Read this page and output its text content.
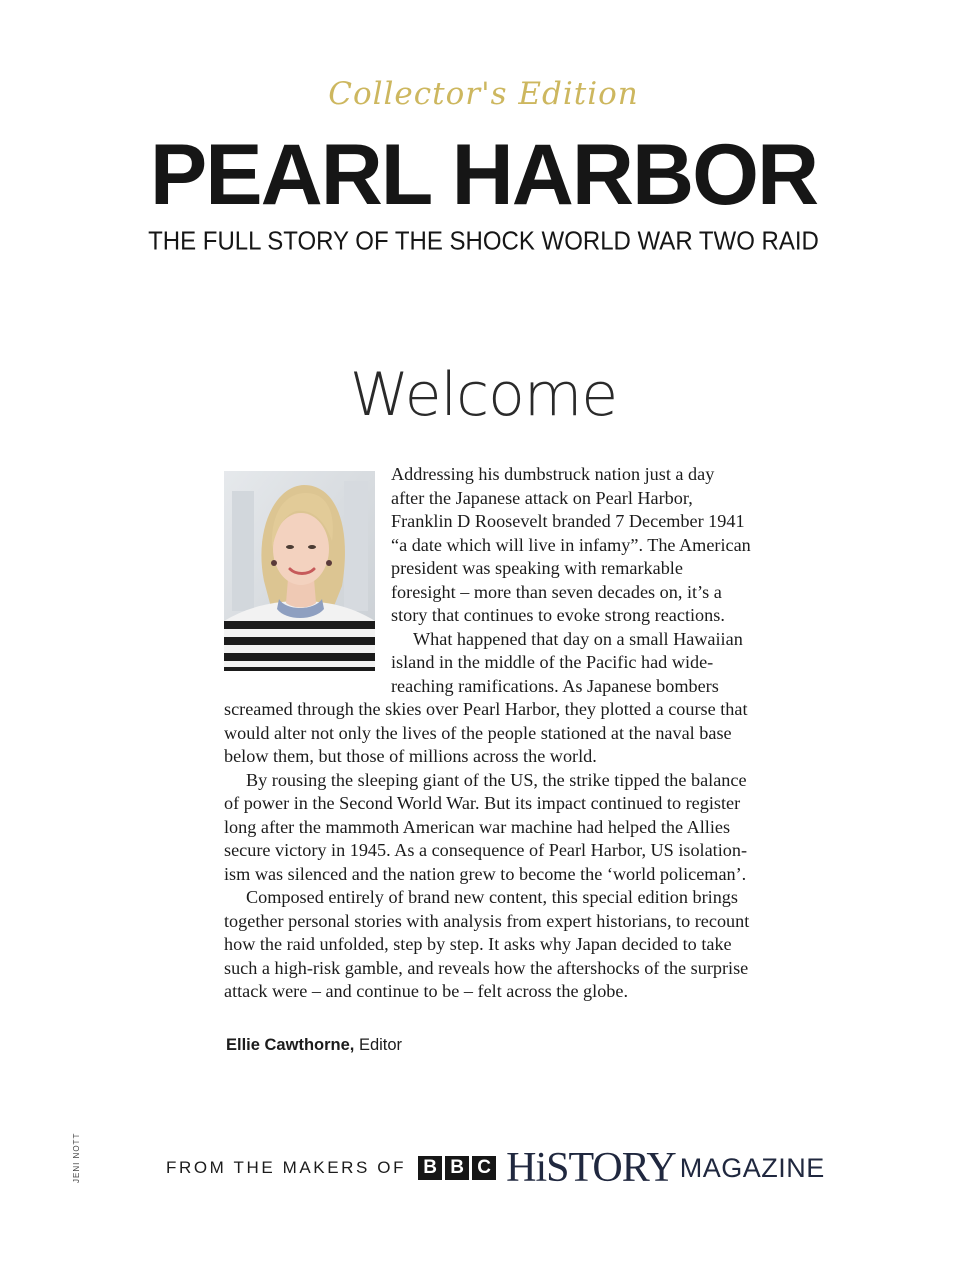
Collector's Edition
PEARL HARBOR
THE FULL STORY OF THE SHOCK WORLD WAR TWO RAID
Welcome

Addressing his dumbstruck nation just a day after the Japanese attack on Pearl Harbor, Franklin D Roosevelt branded 7 December 1941 “a date which will live in infamy”. The American president was speaking with remarkable foresight – more than seven decades on, it’s a story that continues to evoke strong reactions.

What happened that day on a small Hawaiian island in the middle of the Pacific had wide-reaching ramifications. As Japanese bombers screamed through the skies over Pearl Harbor, they plotted a course that would alter not only the lives of the people stationed at the naval base below them, but those of millions across the world.

By rousing the sleeping giant of the US, the strike tipped the balance of power in the Second World War. But its impact continued to register long after the mammoth American war machine had helped the Allies secure victory in 1945. As a consequence of Pearl Harbor, US isolation-ism was silenced and the nation grew to become the ‘world policeman’.

Composed entirely of brand new content, this special edition brings together personal stories with analysis from expert historians, to recount how the raid unfolded, step by step. It asks why Japan decided to take such a high-risk gamble, and reveals how the aftershocks of the surprise attack were – and continue to be – felt across the globe.

Ellie Cawthorne, Editor
JENI NOTT	FROM THE MAKERS OF B B C HiSTORY MAGAZINE
